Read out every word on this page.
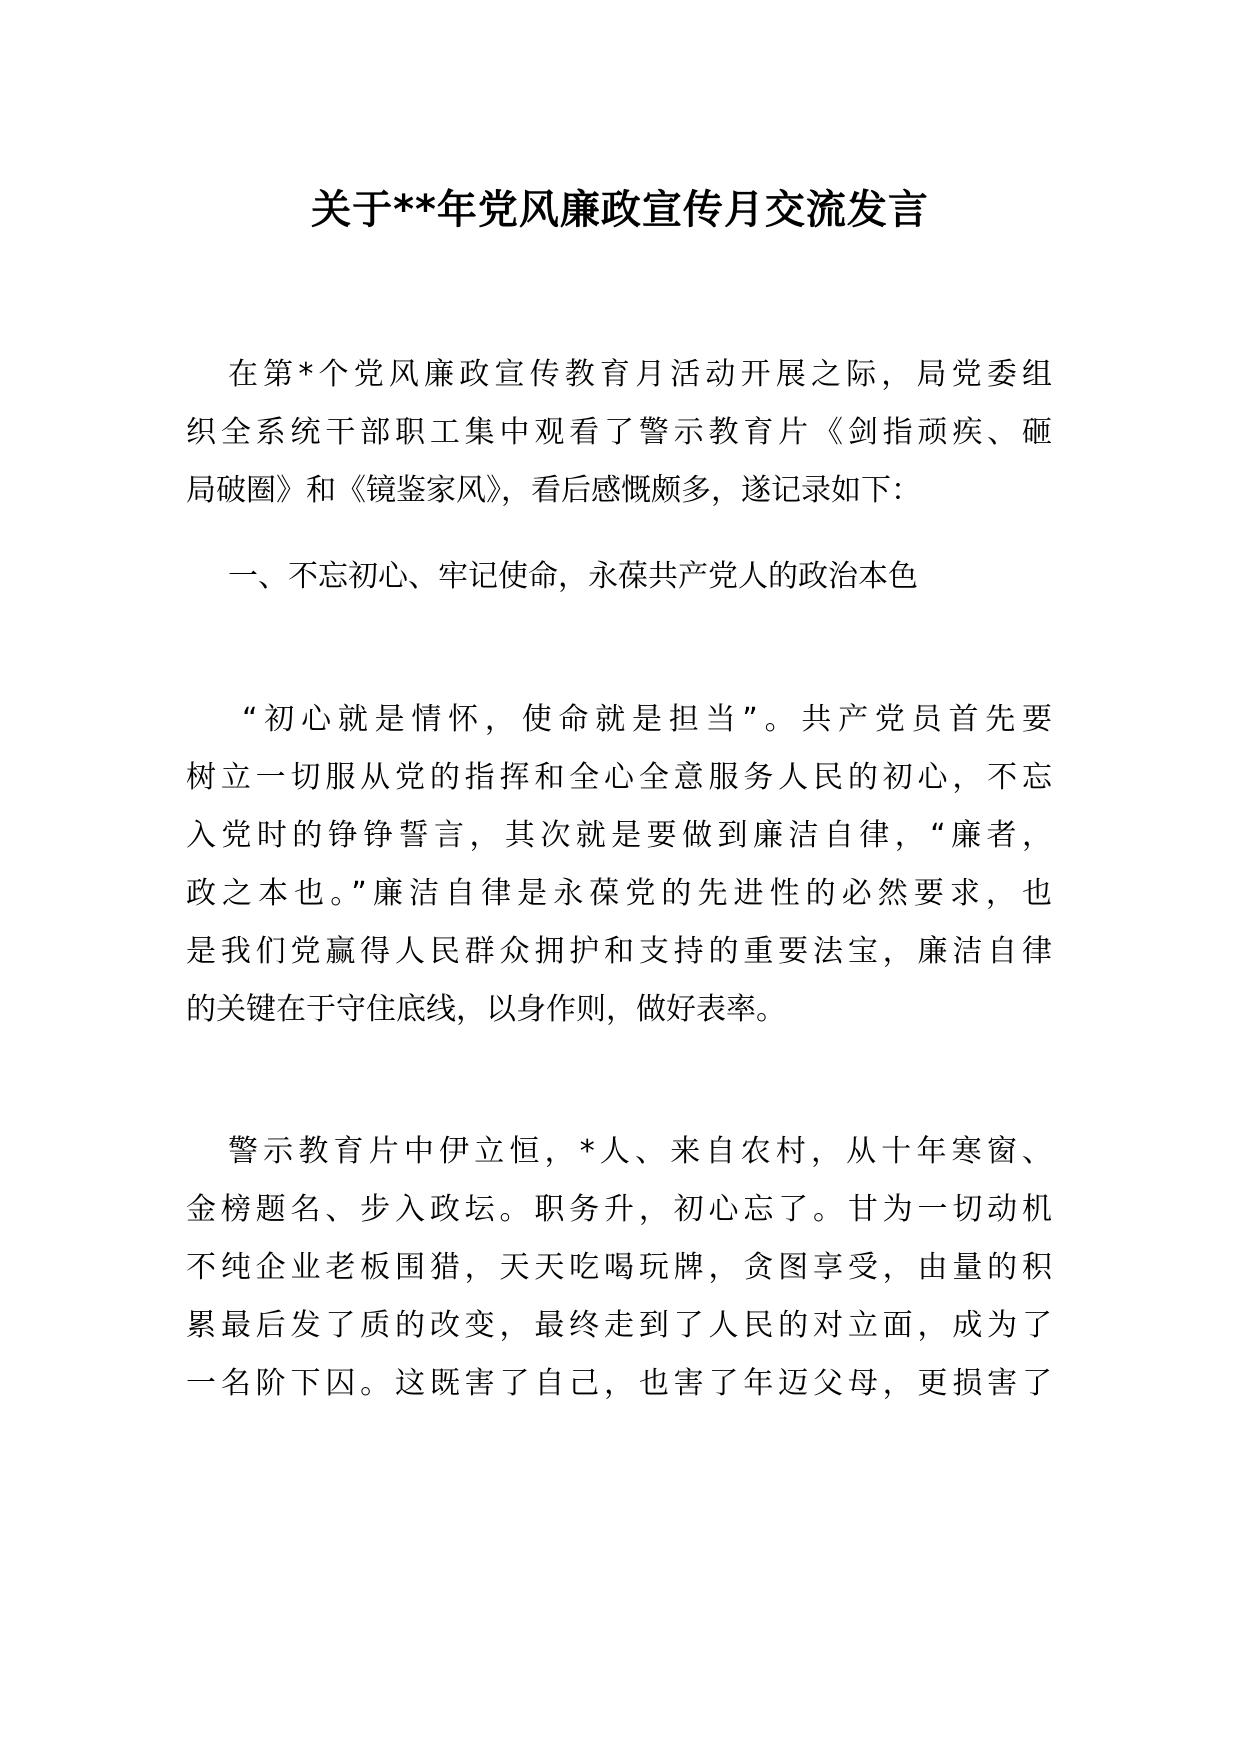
关于**年党风廉政宣传月交流发言
在第*个党风廉政宣传教育月活动开展之际，局党委组
织全系统干部职工集中观看了警示教育片《剑指顽疾、砸
局破圈》和《镜鉴家风》，看后感慨颇多，遂记录如下：
一、不忘初心、牢记使命，永葆共产党人的政治本色
“初心就是情怀，使命就是担当”。共产党员首先要
树立一切服从党的指挥和全心全意服务人民的初心，不忘
入党时的铮铮誓言，其次就是要做到廉洁自律，“廉者，
政之本也。”廉洁自律是永葆党的先进性的必然要求，也
是我们党赢得人民群众拥护和支持的重要法宝，廉洁自律
的关键在于守住底线，以身作则，做好表率。
警示教育片中伊立恒，*人、来自农村，从十年寒窗、
金榜题名、步入政坛。职务升，初心忘了。甘为一切动机
不纯企业老板围猎，天天吃喝玩牌，贪图享受，由量的积
累最后发了质的改变，最终走到了人民的对立面，成为了
一名阶下囚。这既害了自己，也害了年迈父母，更损害了
